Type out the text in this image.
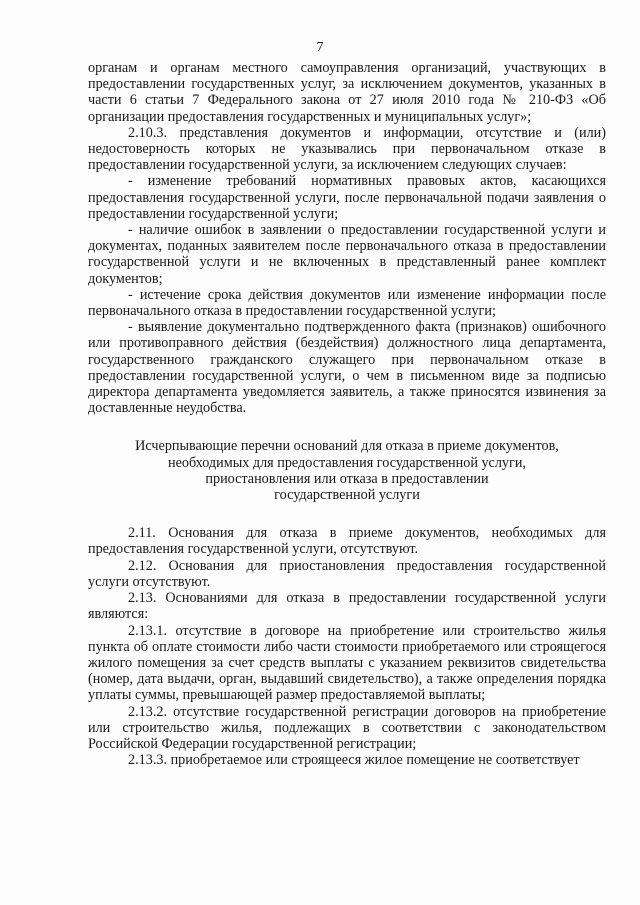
7

органам и органам местного самоуправления организаций, участвующих в предоставлении государственных услуг, за исключением документов, указанных в части 6 статьи 7 Федерального закона от 27 июля 2010 года № 210-ФЗ «Об организации предоставления государственных и муниципальных услуг»;

2.10.3. представления документов и информации, отсутствие и (или) недостоверность которых не указывались при первоначальном отказе в предоставлении государственной услуги, за исключением следующих случаев:

- изменение требований нормативных правовых актов, касающихся предоставления государственной услуги, после первоначальной подачи заявления о предоставлении государственной услуги;

- наличие ошибок в заявлении о предоставлении государственной услуги и документах, поданных заявителем после первоначального отказа в предоставлении государственной услуги и не включенных в представленный ранее комплект документов;

- истечение срока действия документов или изменение информации после первоначального отказа в предоставлении государственной услуги;

- выявление документально подтвержденного факта (признаков) ошибочного или противоправного действия (бездействия) должностного лица департамента, государственного гражданского служащего при первоначальном отказе в предоставлении государственной услуги, о чем в письменном виде за подписью директора департамента уведомляется заявитель, а также приносятся извинения за доставленные неудобства.

Исчерпывающие перечни оснований для отказа в приеме документов,
необходимых для предоставления государственной услуги,
приостановления или отказа в предоставлении
государственной услуги

2.11. Основания для отказа в приеме документов, необходимых для предоставления государственной услуги, отсутствуют.

2.12. Основания для приостановления предоставления государственной услуги отсутствуют.

2.13. Основаниями для отказа в предоставлении государственной услуги являются:

2.13.1. отсутствие в договоре на приобретение или строительство жилья пункта об оплате стоимости либо части стоимости приобретаемого или строящегося жилого помещения за счет средств выплаты с указанием реквизитов свидетельства (номер, дата выдачи, орган, выдавший свидетельство), а также определения порядка уплаты суммы, превышающей размер предоставляемой выплаты;

2.13.2. отсутствие государственной регистрации договоров на приобретение или строительство жилья, подлежащих в соответствии с законодательством Российской Федерации государственной регистрации;

2.13.3. приобретаемое или строящееся жилое помещение не соответствует
